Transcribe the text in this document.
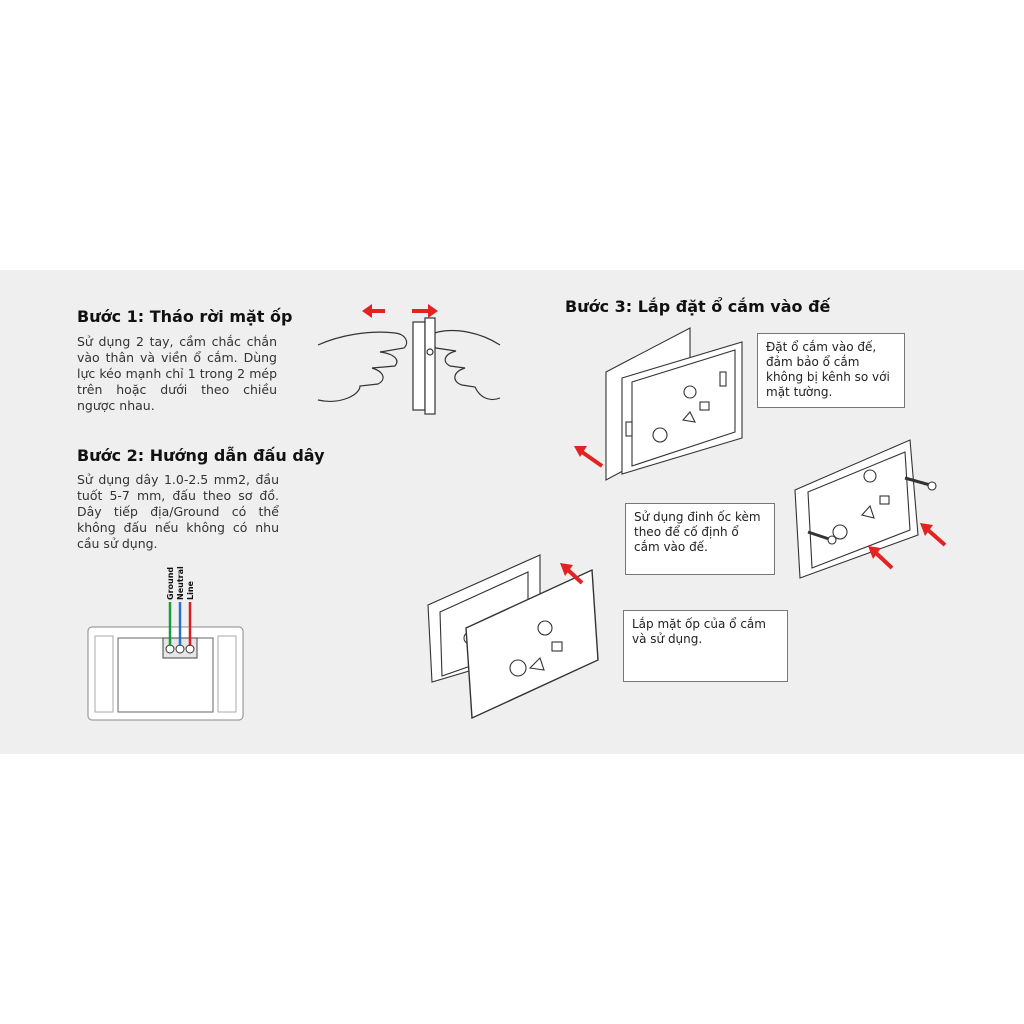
Bước 1: Tháo rời mặt ốp
Sử dụng 2 tay, cầm chắc chắn vào thân và viền ổ cắm. Dùng lực kéo mạnh chỉ 1 trong 2 mép trên hoặc dưới theo chiều ngược nhau.
Bước 2: Hướng dẫn đấu dây
Sử dụng dây 1.0-2.5 mm2, đầu tuốt 5-7 mm, đấu theo sơ đồ. Dây tiếp địa/Ground có thể không đấu nếu không có nhu cầu sử dụng.
Bước 3: Lắp đặt ổ cắm vào đế
Đặt ổ cắm vào đế, đảm bảo ổ cắm không bị kênh so với mặt tường.
Sử dụng đinh ốc kèm theo để cố định ổ cắm vào đế.
Lắp mặt ốp của ổ cắm và sử dụng.
Ground Neutral Line
